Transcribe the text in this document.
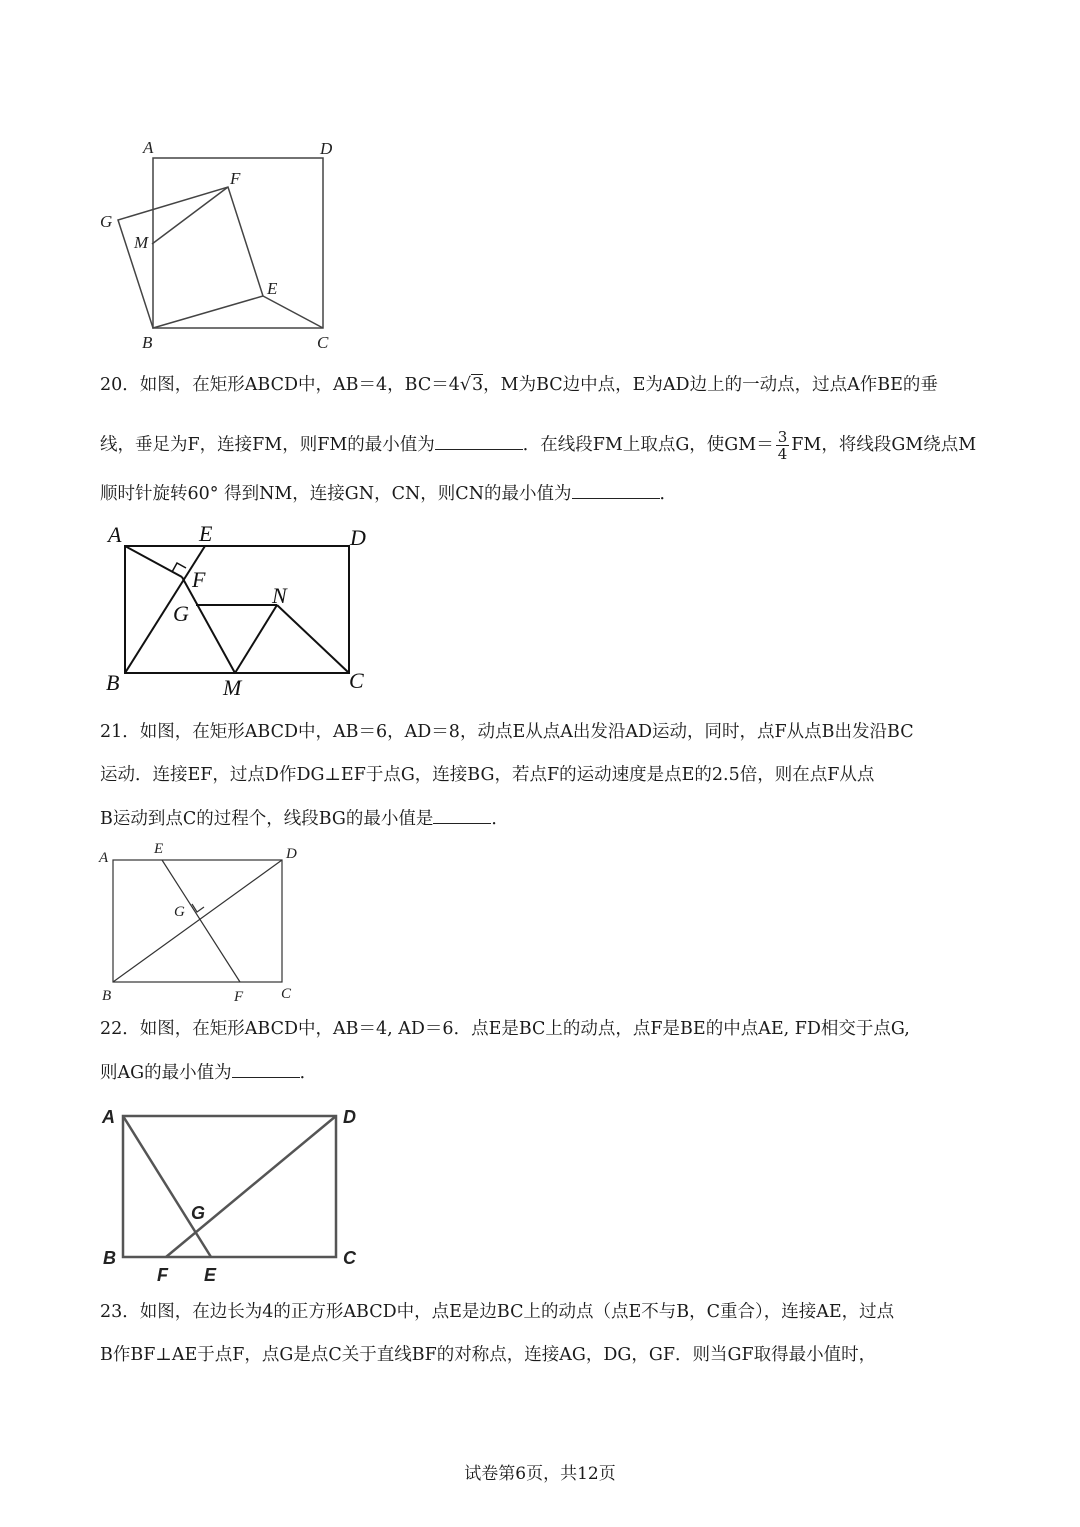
A	D
F
G
M
E
B	C
A	E	D
F
G
N
B	M	C
A
E	D
G
B	F	C
A	D
G
B	C
F E
20．如图，在矩形ABCD中，AB＝4，BC＝4√3，M为BC边中点，E为AD边上的一动点，过点A作BE的垂
线，垂足为F，连接FM，则FM的最小值为	．在线段FM上取点G，使$GM= \frac{3}{4}$ FM，将线段GM绕点M
顺时针旋转60° 得到NM，连接GN，CN，则CN的最小值为	．
21．如图，在矩形ABCD中，AB＝6，AD＝8，动点E从点A出发沿AD运动，同时，点F从点B出发沿BC
运动．连接EF，过点D作DG⊥EF于点G，连接BG，若点F的运动速度是点E的2.5倍，则在点F从点
B运动到点C的过程个，线段BG的最小值是	．
22．如图，在矩形ABCD中，AB＝4, AD＝6．点E是BC上的动点，点F是BE的中点AE, FD相交于点G,
则AG的最小值为	．
23．如图，在边长为4的正方形ABCD中，点E是边BC上的动点（点E不与B，C重合），连接AE，过点
B作BF⊥AE于点F，点G是点C关于直线BF的对称点，连接AG，DG，GF．则当GF取得最小值时，
试卷第6页，共12页
